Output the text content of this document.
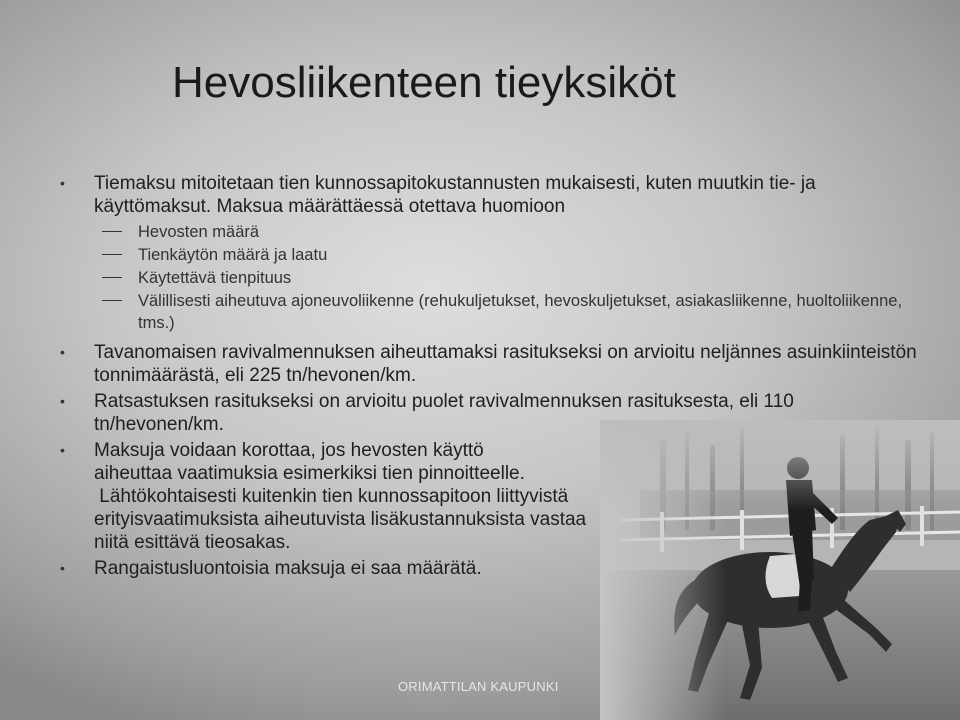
Hevosliikenteen tieyksiköt
• Tiemaksu mitoitetaan tien kunnossapitokustannusten mukaisesti, kuten muutkin tie- ja käyttömaksut. Maksua määrättäessä otettava huomioon
Hevosten määrä
Tienkäytön määrä ja laatu
Käytettävä tienpituus
Välillisesti aiheutuva ajoneuvoliikenne (rehukuljetukset, hevoskuljetukset, asiakasliikenne, huoltoliikenne, tms.)
• Tavanomaisen ravivalmennuksen aiheuttamaksi rasitukseksi on arvioitu neljännes asuinkiinteistön tonnimäärästä, eli 225 tn/hevonen/km.
• Ratsastuksen rasitukseksi on arvioitu puolet ravivalmennuksen rasituksesta, eli 110 tn/hevonen/km.
• Maksuja voidaan korottaa, jos hevosten käyttö
aiheuttaa vaatimuksia esimerkiksi tien pinnoitteelle.
Lähtökohtaisesti kuitenkin tien kunnossapitoon liittyvistä
erityisvaatimuksista aiheutuvista lisäkustannuksista vastaa
niitä esittävä tieosakas.
• Rangaistusluontoisia maksuja ei saa määrätä.
ORIMATTILAN KAUPUNKI
